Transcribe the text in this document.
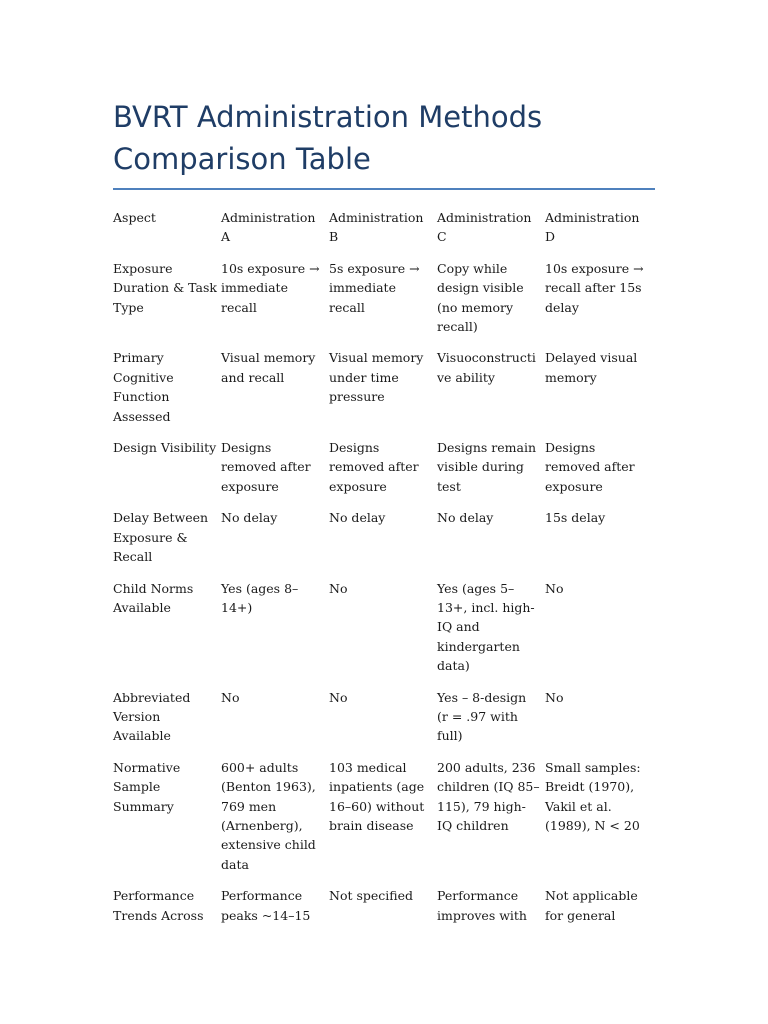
BVRT Administration Methods
Comparison Table
Aspect	Administration A	Administration B	Administration C	Administration D
Exposure Duration & Task Type	10s exposure → immediate recall	5s exposure → immediate recall	Copy while design visible (no memory recall)	10s exposure → recall after 15s delay
Primary Cognitive Function Assessed	Visual memory and recall	Visual memory under time pressure	Visuoconstructive ability	Delayed visual memory
Design Visibility	Designs removed after exposure	Designs removed after exposure	Designs remain visible during test	Designs removed after exposure
Delay Between Exposure & Recall	No delay	No delay	No delay	15s delay
Child Norms Available	Yes (ages 8–14+)	No	Yes (ages 5–13+, incl. high-IQ and kindergarten data)	No
Abbreviated Version Available	No	No	Yes – 8-design (r = .97 with full)	No
Normative Sample Summary	600+ adults (Benton 1963), 769 men (Arnenberg), extensive child data	103 medical inpatients (age 16–60) without brain disease	200 adults, 236 children (IQ 85–115), 79 high-IQ children	Small samples: Breidt (1970), Vakil et al. (1989), N < 20
Performance Trends Across	Performance peaks ~14–15	Not specified	Performance improves with	Not applicable for general
